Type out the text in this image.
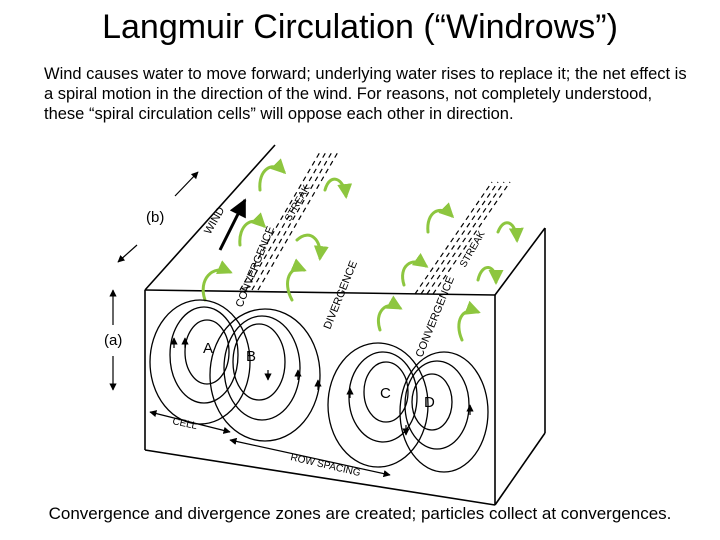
Langmuir Circulation (“Windrows”)
Wind causes water to move forward; underlying water rises to replace it; the net effect is a spiral motion in the direction of the wind. For reasons, not completely understood, these “spiral circulation cells” will oppose each other in direction.
WIND	STREAK
STREAK
CONVERGENCE	DIVERGENCE	CONVERGENCE
(b)
(a)	A B
C
D
CELL
ROW SPACING
Convergence and divergence zones are created; particles collect at convergences.
